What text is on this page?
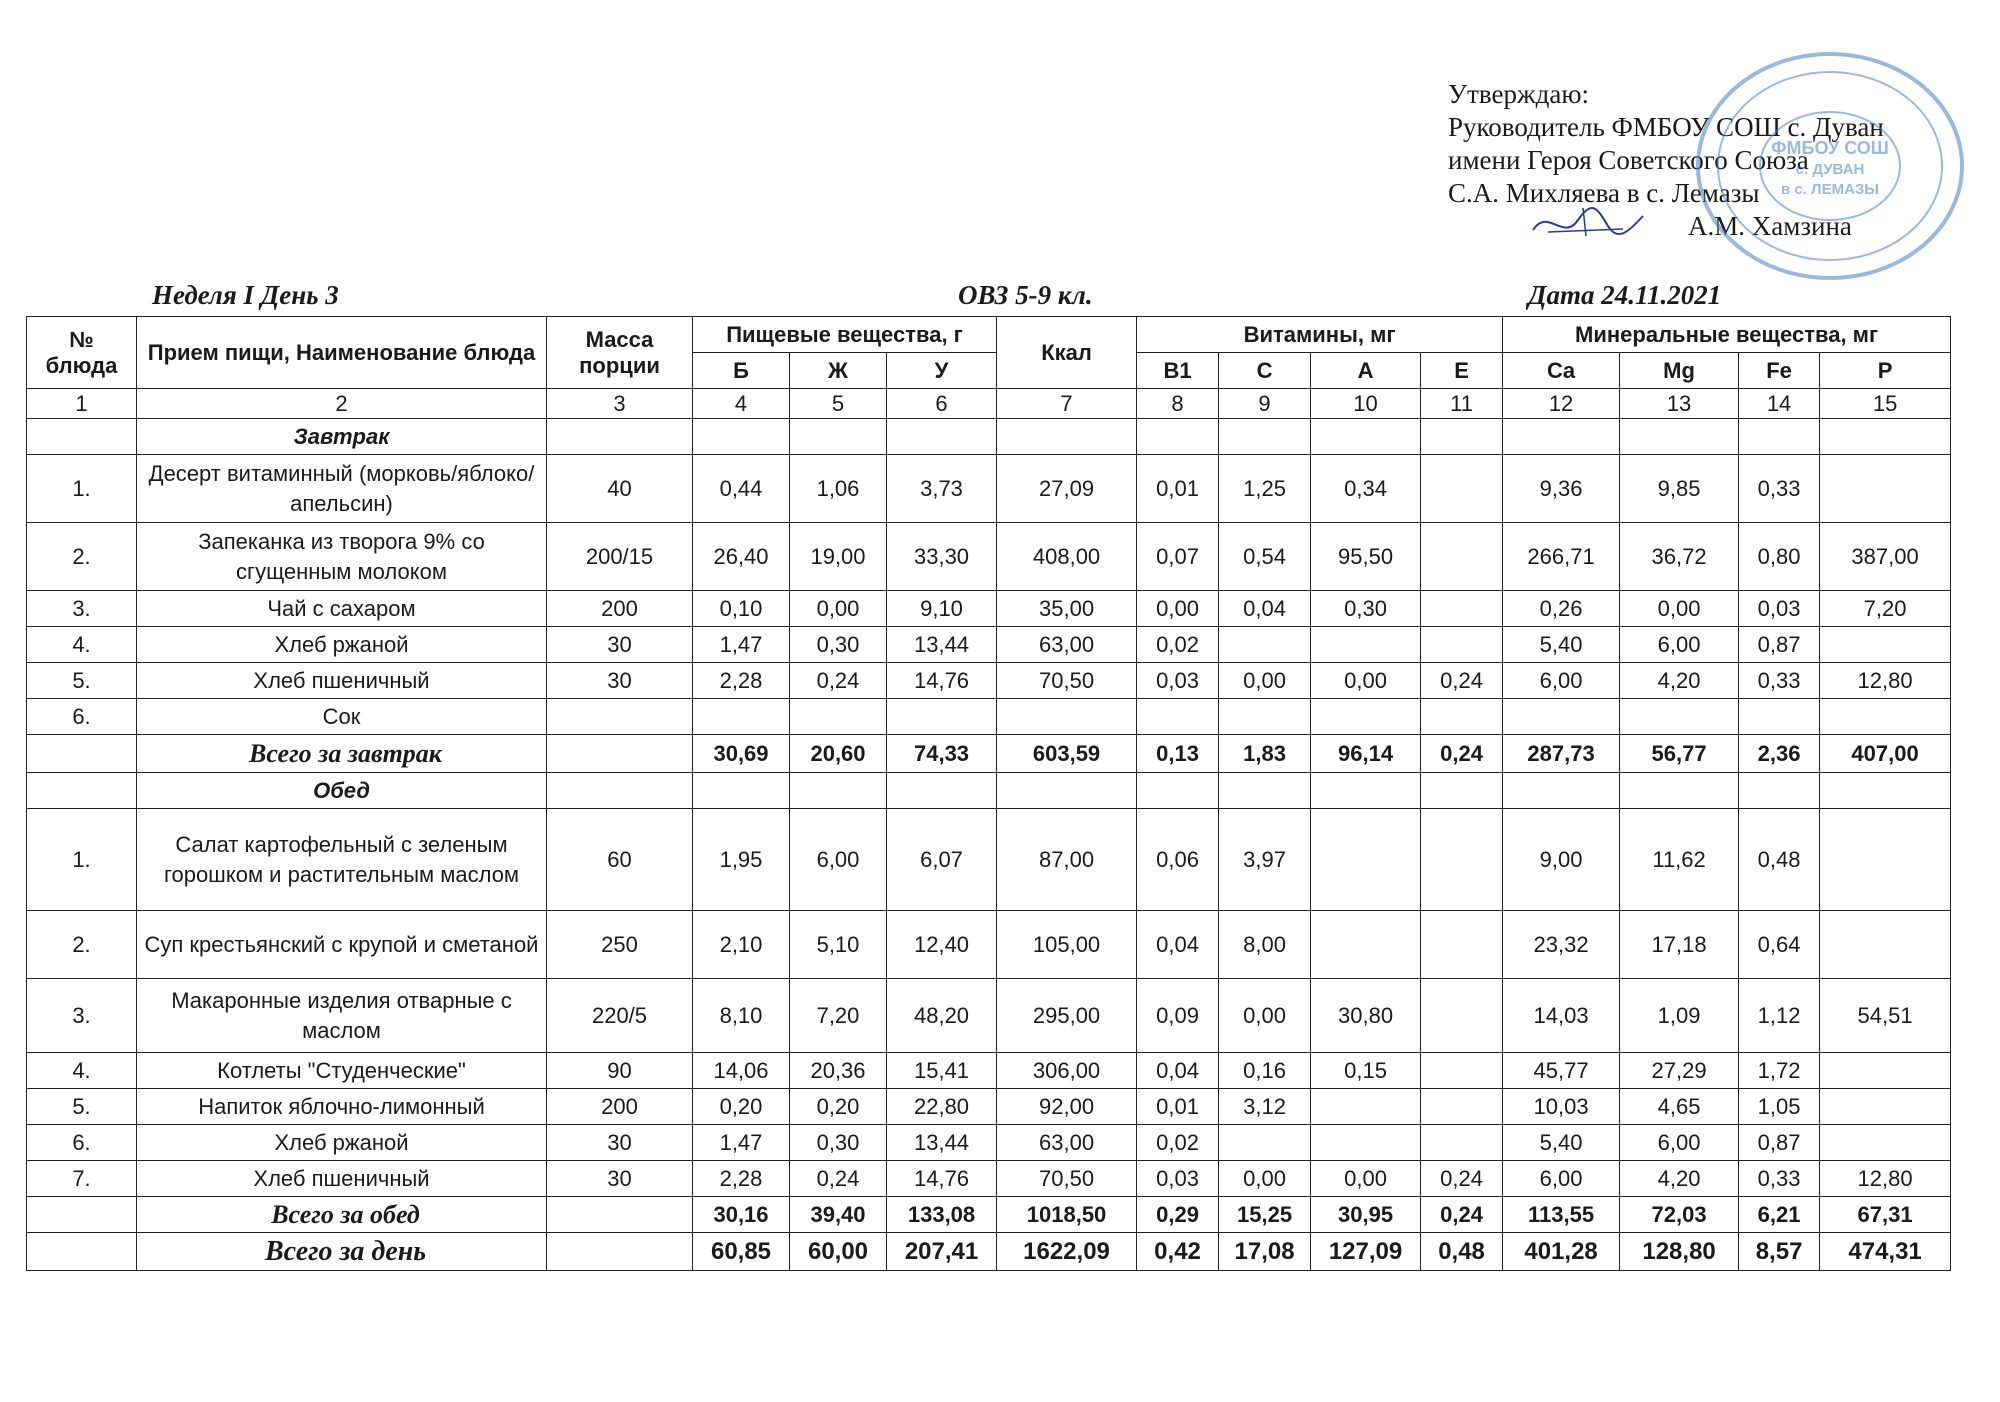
Утверждаю:
Руководитель ФМБОУ СОШ с. Дуван
имени Героя Советского Союза
С.А. Михляева в с. Лемазы
А.М. Хамзина
ФМБОУ СОШ
с. ДУВАН
в с. ЛЕМАЗЫ
Неделя I День 3	ОВЗ 5-9 кл.	Дата 24.11.2021
№ блюда	Прием пищи, Наименование блюда	Масса порции	Пищевые вещества, г			Ккал	Витамины, мг				Минеральные вещества, мг			
			Б	Ж	У		B1	C	A	E	Ca	Mg	Fe	P
1	2	3	4	5	6	7	8	9	10	11	12	13	14	15
	Завтрак													
1.	Десерт витаминный (морковь/яблоко/апельсин)	40	0,44	1,06	3,73	27,09	0,01	1,25	0,34		9,36	9,85	0,33	
2.	Запеканка из творога 9% со сгущенным молоком	200/15	26,40	19,00	33,30	408,00	0,07	0,54	95,50		266,71	36,72	0,80	387,00
3.	Чай с сахаром	200	0,10	0,00	9,10	35,00	0,00	0,04	0,30		0,26	0,00	0,03	7,20
4.	Хлеб ржаной	30	1,47	0,30	13,44	63,00	0,02				5,40	6,00	0,87	
5.	Хлеб пшеничный	30	2,28	0,24	14,76	70,50	0,03	0,00	0,00	0,24	6,00	4,20	0,33	12,80
6.	Сок													
	Всего за завтрак		30,69	20,60	74,33	603,59	0,13	1,83	96,14	0,24	287,73	56,77	2,36	407,00
	Обед													
1.	Салат картофельный с зеленым горошком и растительным маслом	60	1,95	6,00	6,07	87,00	0,06	3,97			9,00	11,62	0,48	
2.	Суп крестьянский с крупой и сметаной	250	2,10	5,10	12,40	105,00	0,04	8,00			23,32	17,18	0,64	
3.	Макаронные изделия отварные с маслом	220/5	8,10	7,20	48,20	295,00	0,09	0,00	30,80		14,03	1,09	1,12	54,51
4.	Котлеты "Студенческие"	90	14,06	20,36	15,41	306,00	0,04	0,16	0,15		45,77	27,29	1,72	
5.	Напиток яблочно-лимонный	200	0,20	0,20	22,80	92,00	0,01	3,12			10,03	4,65	1,05	
6.	Хлеб ржаной	30	1,47	0,30	13,44	63,00	0,02				5,40	6,00	0,87	
7.	Хлеб пшеничный	30	2,28	0,24	14,76	70,50	0,03	0,00	0,00	0,24	6,00	4,20	0,33	12,80
	Всего за обед		30,16	39,40	133,08	1018,50	0,29	15,25	30,95	0,24	113,55	72,03	6,21	67,31
	Всего за день		60,85	60,00	207,41	1622,09	0,42	17,08	127,09	0,48	401,28	128,80	8,57	474,31
